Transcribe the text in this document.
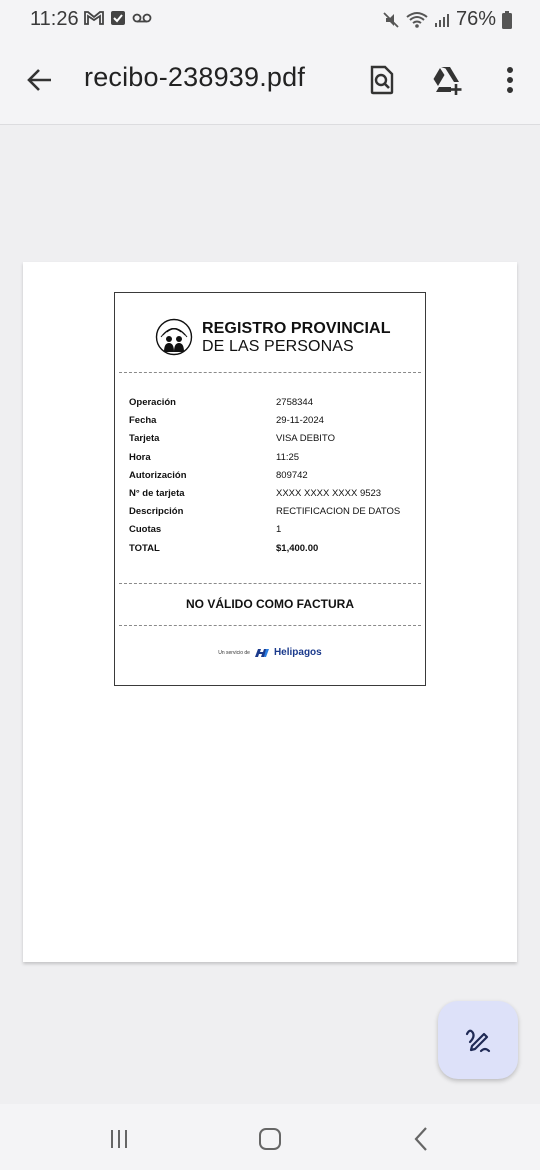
11:26	76%
recibo-238939.pdf
REGISTRO PROVINCIAL
DE LAS PERSONAS
Operación	2758344
Fecha	29-11-2024
Tarjeta	VISA DEBITO
Hora	11:25
Autorización	809742
N° de tarjeta	XXXX XXXX XXXX 9523
Descripción	RECTIFICACION DE DATOS
Cuotas	1
TOTAL	$1,400.00
NO VÁLIDO COMO FACTURA
Un servicio de Helipagos
